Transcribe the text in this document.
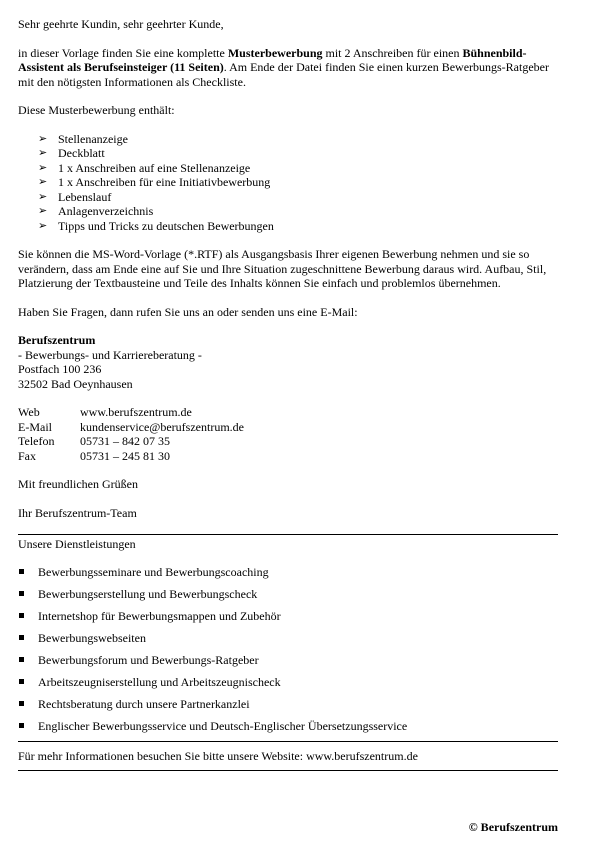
Sehr geehrte Kundin, sehr geehrter Kunde,

in dieser Vorlage finden Sie eine komplette Musterbewerbung mit 2 Anschreiben für einen Bühnenbild-Assistent als Berufseinsteiger (11 Seiten). Am Ende der Datei finden Sie einen kurzen Bewerbungs-Ratgeber mit den nötigsten Informationen als Checkliste.

Diese Musterbewerbung enthält:

➢ Stellenanzeige
➢ Deckblatt
➢ 1 x Anschreiben auf eine Stellenanzeige
➢ 1 x Anschreiben für eine Initiativbewerbung
➢ Lebenslauf
➢ Anlagenverzeichnis
➢ Tipps und Tricks zu deutschen Bewerbungen

Sie können die MS-Word-Vorlage (*.RTF) als Ausgangsbasis Ihrer eigenen Bewerbung nehmen und sie so verändern, dass am Ende eine auf Sie und Ihre Situation zugeschnittene Bewerbung daraus wird. Aufbau, Stil, Platzierung der Textbausteine und Teile des Inhalts können Sie einfach und problemlos übernehmen.

Haben Sie Fragen, dann rufen Sie uns an oder senden uns eine E-Mail:

Berufszentrum

- Bewerbungs- und Karriereberatung -

Postfach 100 236

32502 Bad Oeynhausen

Web	www.berufszentrum.de
E-Mail	kundenservice@berufszentrum.de
Telefon	05731 – 842 07 35
Fax	05731 – 245 81 30

Mit freundlichen Grüßen

Ihr Berufszentrum-Team

Unsere Dienstleistungen

Bewerbungsseminare und Bewerbungscoaching
Bewerbungserstellung und Bewerbungscheck
Internetshop für Bewerbungsmappen und Zubehör
Bewerbungswebseiten
Bewerbungsforum und Bewerbungs-Ratgeber
Arbeitszeugniserstellung und Arbeitszeugnischeck
Rechtsberatung durch unsere Partnerkanzlei
Englischer Bewerbungsservice und Deutsch-Englischer Übersetzungsservice

Für mehr Informationen besuchen Sie bitte unsere Website: www.berufszentrum.de

© Berufszentrum
